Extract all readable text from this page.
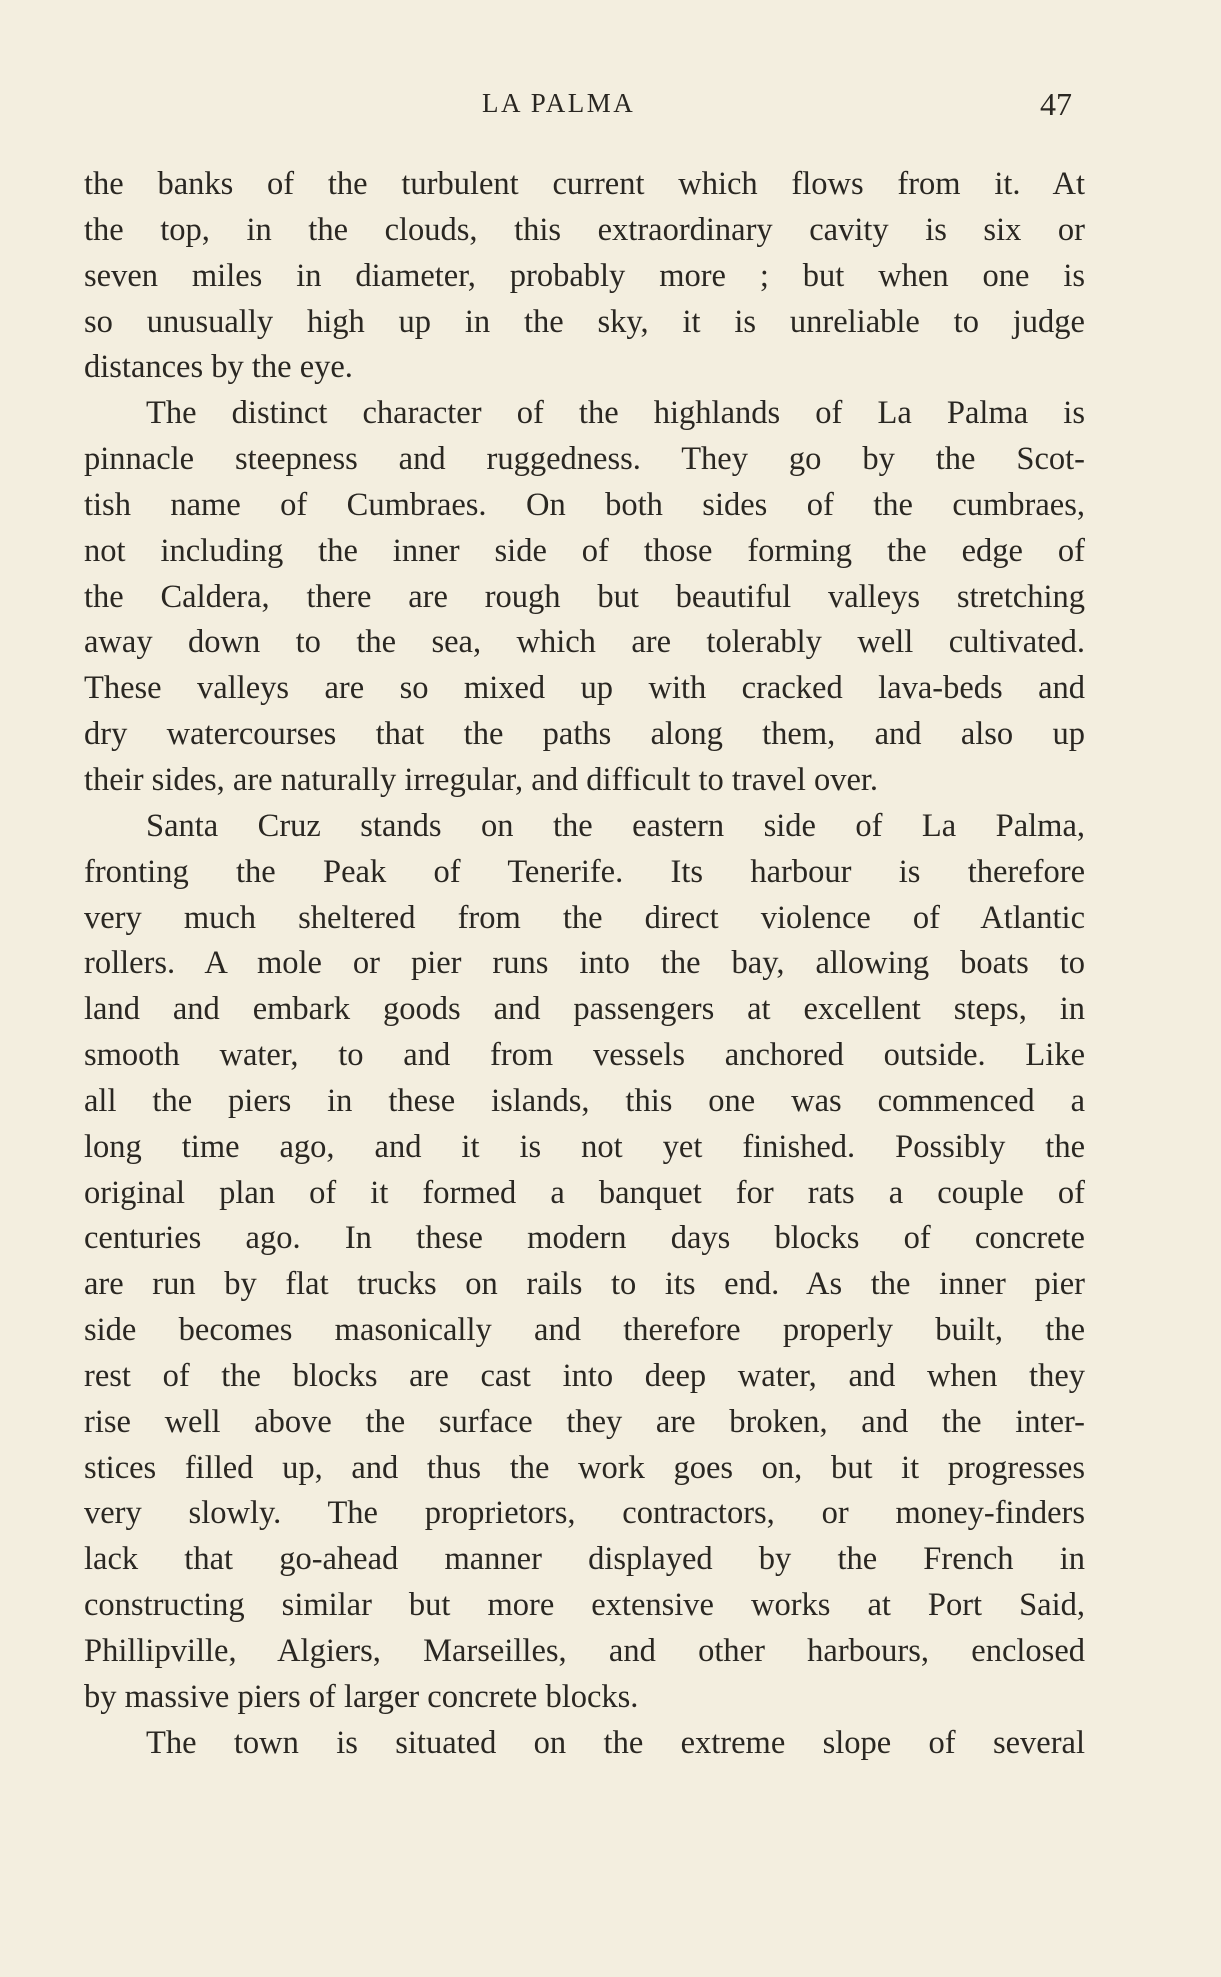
LA PALMA	47
the banks of the turbulent current which flows from it. At
the top, in the clouds, this extraordinary cavity is six or
seven miles in diameter, probably more ; but when one is
so unusually high up in the sky, it is unreliable to judge
distances by the eye.
The distinct character of the highlands of La Palma is
pinnacle steepness and ruggedness. They go by the Scot-
tish name of Cumbraes. On both sides of the cumbraes,
not including the inner side of those forming the edge of
the Caldera, there are rough but beautiful valleys stretching
away down to the sea, which are tolerably well cultivated.
These valleys are so mixed up with cracked lava-beds and
dry watercourses that the paths along them, and also up
their sides, are naturally irregular, and difficult to travel over.
Santa Cruz stands on the eastern side of La Palma,
fronting the Peak of Tenerife. Its harbour is therefore
very much sheltered from the direct violence of Atlantic
rollers. A mole or pier runs into the bay, allowing boats to
land and embark goods and passengers at excellent steps, in
smooth water, to and from vessels anchored outside. Like
all the piers in these islands, this one was commenced a
long time ago, and it is not yet finished. Possibly the
original plan of it formed a banquet for rats a couple of
centuries ago. In these modern days blocks of concrete
are run by flat trucks on rails to its end. As the inner pier
side becomes masonically and therefore properly built, the
rest of the blocks are cast into deep water, and when they
rise well above the surface they are broken, and the inter-
stices filled up, and thus the work goes on, but it progresses
very slowly. The proprietors, contractors, or money-finders
lack that go-ahead manner displayed by the French in
constructing similar but more extensive works at Port Said,
Phillipville, Algiers, Marseilles, and other harbours, enclosed
by massive piers of larger concrete blocks.
The town is situated on the extreme slope of several
